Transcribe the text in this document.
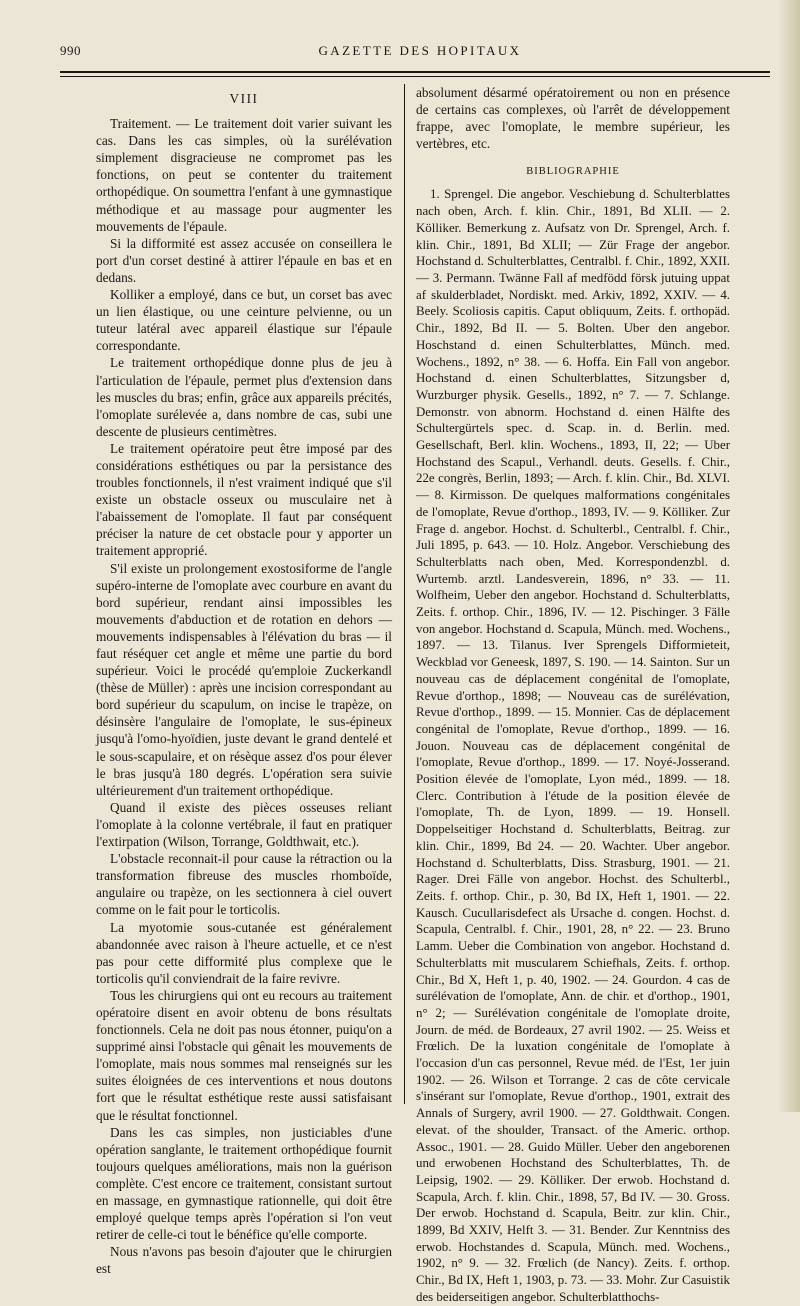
990	GAZETTE DES HOPITAUX
VIII

Traitement. — Le traitement doit varier suivant les cas. Dans les cas simples, où la surélévation simplement disgracieuse ne compromet pas les fonctions, on peut se contenter du traitement orthopédique. On soumettra l'enfant à une gymnastique méthodique et au massage pour augmenter les mouvements de l'épaule.

Si la difformité est assez accusée on conseillera le port d'un corset destiné à attirer l'épaule en bas et en dedans.

Kolliker a employé, dans ce but, un corset bas avec un lien élastique, ou une ceinture pelvienne, ou un tuteur latéral avec appareil élastique sur l'épaule correspondante.

Le traitement orthopédique donne plus de jeu à l'articulation de l'épaule, permet plus d'extension dans les muscles du bras; enfin, grâce aux appareils précités, l'omoplate surélevée a, dans nombre de cas, subi une descente de plusieurs centimètres.

Le traitement opératoire peut être imposé par des considérations esthétiques ou par la persistance des troubles fonctionnels, il n'est vraiment indiqué que s'il existe un obstacle osseux ou musculaire net à l'abaissement de l'omoplate. Il faut par conséquent préciser la nature de cet obstacle pour y apporter un traitement approprié.

S'il existe un prolongement exostosiforme de l'angle supéro-interne de l'omoplate avec courbure en avant du bord supérieur, rendant ainsi impossibles les mouvements d'abduction et de rotation en dehors — mouvements indispensables à l'élévation du bras — il faut réséquer cet angle et même une partie du bord supérieur. Voici le procédé qu'emploie Zuckerkandl (thèse de Müller) : après une incision correspondant au bord supérieur du scapulum, on incise le trapèze, on désinsère l'angulaire de l'omoplate, le sus-épineux jusqu'à l'omo-hyoïdien, juste devant le grand dentelé et le sous-scapulaire, et on résèque assez d'os pour élever le bras jusqu'à 180 degrés. L'opération sera suivie ultérieurement d'un traitement orthopédique.

Quand il existe des pièces osseuses reliant l'omoplate à la colonne vertébrale, il faut en pratiquer l'extirpation (Wilson, Torrange, Goldthwait, etc.).

L'obstacle reconnait-il pour cause la rétraction ou la transformation fibreuse des muscles rhomboïde, angulaire ou trapèze, on les sectionnera à ciel ouvert comme on le fait pour le torticolis.

La myotomie sous-cutanée est généralement abandonnée avec raison à l'heure actuelle, et ce n'est pas pour cette difformité plus complexe que le torticolis qu'il conviendrait de la faire revivre.

Tous les chirurgiens qui ont eu recours au traitement opératoire disent en avoir obtenu de bons résultats fonctionnels. Cela ne doit pas nous étonner, puiqu'on a supprimé ainsi l'obstacle qui gênait les mouvements de l'omoplate, mais nous sommes mal renseignés sur les suites éloignées de ces interventions et nous doutons fort que le résultat esthétique reste aussi satisfaisant que le résultat fonctionnel.

Dans les cas simples, non justiciables d'une opération sanglante, le traitement orthopédique fournit toujours quelques améliorations, mais non la guérison complète. C'est encore ce traitement, consistant surtout en massage, en gymnastique rationnelle, qui doit être employé quelque temps après l'opération si l'on veut retirer de celle-ci tout le bénéfice qu'elle comporte.

Nous n'avons pas besoin d'ajouter que le chirurgien est

absolument désarmé opératoirement ou non en présence de certains cas complexes, où l'arrêt de développement frappe, avec l'omoplate, le membre supérieur, les vertèbres, etc.

BIBLIOGRAPHIE

1. Sprengel. Die angebor. Veschiebung d. Schulterblattes nach oben, Arch. f. klin. Chir., 1891, Bd XLII. — 2. Kölliker. Bemerkung z. Aufsatz von Dr. Sprengel, Arch. f. klin. Chir., 1891, Bd XLII; — Zür Frage der angebor. Hochstand d. Schulterblattes, Centralbl. f. Chir., 1892, XXII.— 3. Permann. Twänne Fall af medfödd försk jutuing uppat af skulderbladet, Nordiskt. med. Arkiv, 1892, XXIV. — 4. Beely. Scoliosis capitis. Caput obliquum, Zeits. f. orthopäd. Chir., 1892, Bd II. — 5. Bolten. Uber den angebor. Hoschstand d. einen Schulterblattes, Münch. med. Wochens., 1892, n° 38. — 6. Hoffa. Ein Fall von angebor. Hochstand d. einen Schulterblattes, Sitzungsber d, Wurzburger physik. Gesells., 1892, n° 7. — 7. Schlange. Demonstr. von abnorm. Hochstand d. einen Hälfte des Schultergürtels spec. d. Scap. in. d. Berlin. med. Gesellschaft, Berl. klin. Wochens., 1893, II, 22; — Uber Hochstand des Scapul., Verhandl. deuts. Gesells. f. Chir., 22e congrès, Berlin, 1893; — Arch. f. klin. Chir., Bd. XLVI. — 8. Kirmisson. De quelques malformations congénitales de l'omoplate, Revue d'orthop., 1893, IV. — 9. Kölliker. Zur Frage d. angebor. Hochst. d. Schulterbl., Centralbl. f. Chir., Juli 1895, p. 643. — 10. Holz. Angebor. Verschiebung des Schulterblatts nach oben, Med. Korrespondenzbl. d. Wurtemb. arztl. Landesverein, 1896, n° 33. — 11. Wolfheim, Ueber den angebor. Hochstand d. Schulterblatts, Zeits. f. orthop. Chir., 1896, IV. — 12. Pischinger. 3 Fälle von angebor. Hochstand d. Scapula, Münch. med. Wochens., 1897. — 13. Tilanus. Iver Sprengels Difformieteit, Weckblad vor Geneesk, 1897, S. 190. — 14. Sainton. Sur un nouveau cas de déplacement congénital de l'omoplate, Revue d'orthop., 1898; — Nouveau cas de surélévation, Revue d'orthop., 1899. — 15. Monnier. Cas de déplacement congénital de l'omoplate, Revue d'orthop., 1899. — 16. Jouon. Nouveau cas de déplacement congénital de l'omoplate, Revue d'orthop., 1899. — 17. Noyé-Josserand. Position élevée de l'omoplate, Lyon méd., 1899. — 18. Clerc. Contribution à l'étude de la position élevée de l'omoplate, Th. de Lyon, 1899. — 19. Honsell. Doppelseitiger Hochstand d. Schulterblatts, Beitrag. zur klin. Chir., 1899, Bd 24. — 20. Wachter. Uber angebor. Hochstand d. Schulterblatts, Diss. Strasburg, 1901. — 21. Rager. Drei Fälle von angebor. Hochst. des Schulterbl., Zeits. f. orthop. Chir., p. 30, Bd IX, Heft 1, 1901. — 22. Kausch. Cucullarisdefect als Ursache d. congen. Hochst. d. Scapula, Centralbl. f. Chir., 1901, 28, n° 22. — 23. Bruno Lamm. Ueber die Combination von angebor. Hochstand d. Schulterblatts mit muscularem Schiefhals, Zeits. f. orthop. Chir., Bd X, Heft 1, p. 40, 1902. — 24. Gourdon. 4 cas de surélévation de l'omoplate, Ann. de chir. et d'orthop., 1901, n° 2; — Surélévation congénitale de l'omoplate droite, Journ. de méd. de Bordeaux, 27 avril 1902. — 25. Weiss et Frœlich. De la luxation congénitale de l'omoplate à l'occasion d'un cas personnel, Revue méd. de l'Est, 1er juin 1902. — 26. Wilson et Torrange. 2 cas de côte cervicale s'insérant sur l'omoplate, Revue d'orthop., 1901, extrait des Annals of Surgery, avril 1900. — 27. Goldthwait. Congen. elevat. of the shoulder, Transact. of the Americ. orthop. Assoc., 1901. — 28. Guido Müller. Ueber den angeborenen und erwobenen Hochstand des Schulterblattes, Th. de Leipsig, 1902. — 29. Kölliker. Der erwob. Hochstand d. Scapula, Arch. f. klin. Chir., 1898, 57, Bd IV. — 30. Gross. Der erwob. Hochstand d. Scapula, Beitr. zur klin. Chir., 1899, Bd XXIV, Helft 3. — 31. Bender. Zur Kenntniss des erwob. Hochstandes d. Scapula, Münch. med. Wochens., 1902, n° 9. — 32. Frœlich (de Nancy). Zeits. f. orthop. Chir., Bd IX, Heft 1, 1903, p. 73. — 33. Mohr. Zur Casuistik des beiderseitigen angebor. Schulterblatthochs-
